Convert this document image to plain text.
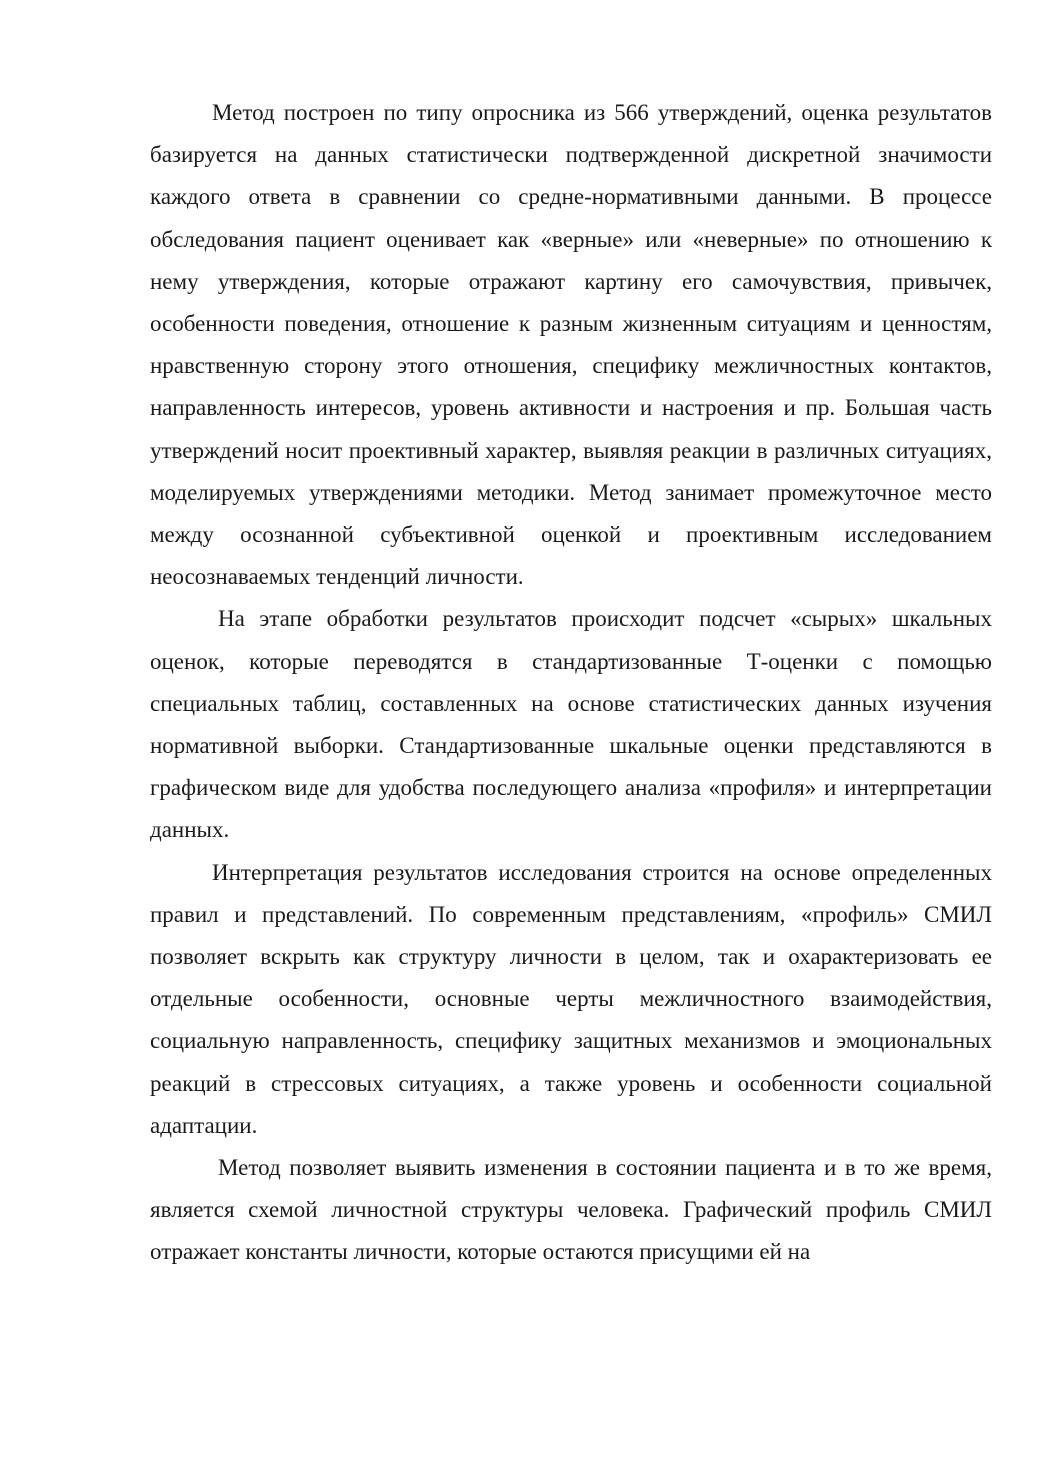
Метод построен по типу опросника из 566 утверждений, оценка результатов базируется на данных статистически подтвержденной дискретной значимости каждого ответа в сравнении со средне-нормативными данными. В процессе обследования пациент оценивает как «верные» или «неверные» по отношению к нему утверждения, которые отражают картину его самочувствия, привычек, особенности поведения, отношение к разным жизненным ситуациям и ценностям, нравственную сторону этого отношения, специфику межличностных контактов, направленность интересов, уровень активности и настроения и пр. Большая часть утверждений носит проективный характер, выявляя реакции в различных ситуациях, моделируемых утверждениями методики. Метод занимает промежуточное место между осознанной субъективной оценкой и проективным исследованием неосознаваемых тенденций личности.

На этапе обработки результатов происходит подсчет «сырых» шкальных оценок, которые переводятся в стандартизованные Т-оценки с помощью специальных таблиц, составленных на основе статистических данных изучения нормативной выборки. Стандартизованные шкальные оценки представляются в графическом виде для удобства последующего анализа «профиля» и интерпретации данных.

Интерпретация результатов исследования строится на основе определенных правил и представлений. По современным представлениям, «профиль» СМИЛ позволяет вскрыть как структуру личности в целом, так и охарактеризовать ее отдельные особенности, основные черты межличностного взаимодействия, социальную направленность, специфику защитных механизмов и эмоциональных реакций в стрессовых ситуациях, а также уровень и особенности социальной адаптации.

Метод позволяет выявить изменения в состоянии пациента и в то же время, является схемой личностной структуры человека. Графический профиль СМИЛ отражает константы личности, которые остаются присущими ей на
